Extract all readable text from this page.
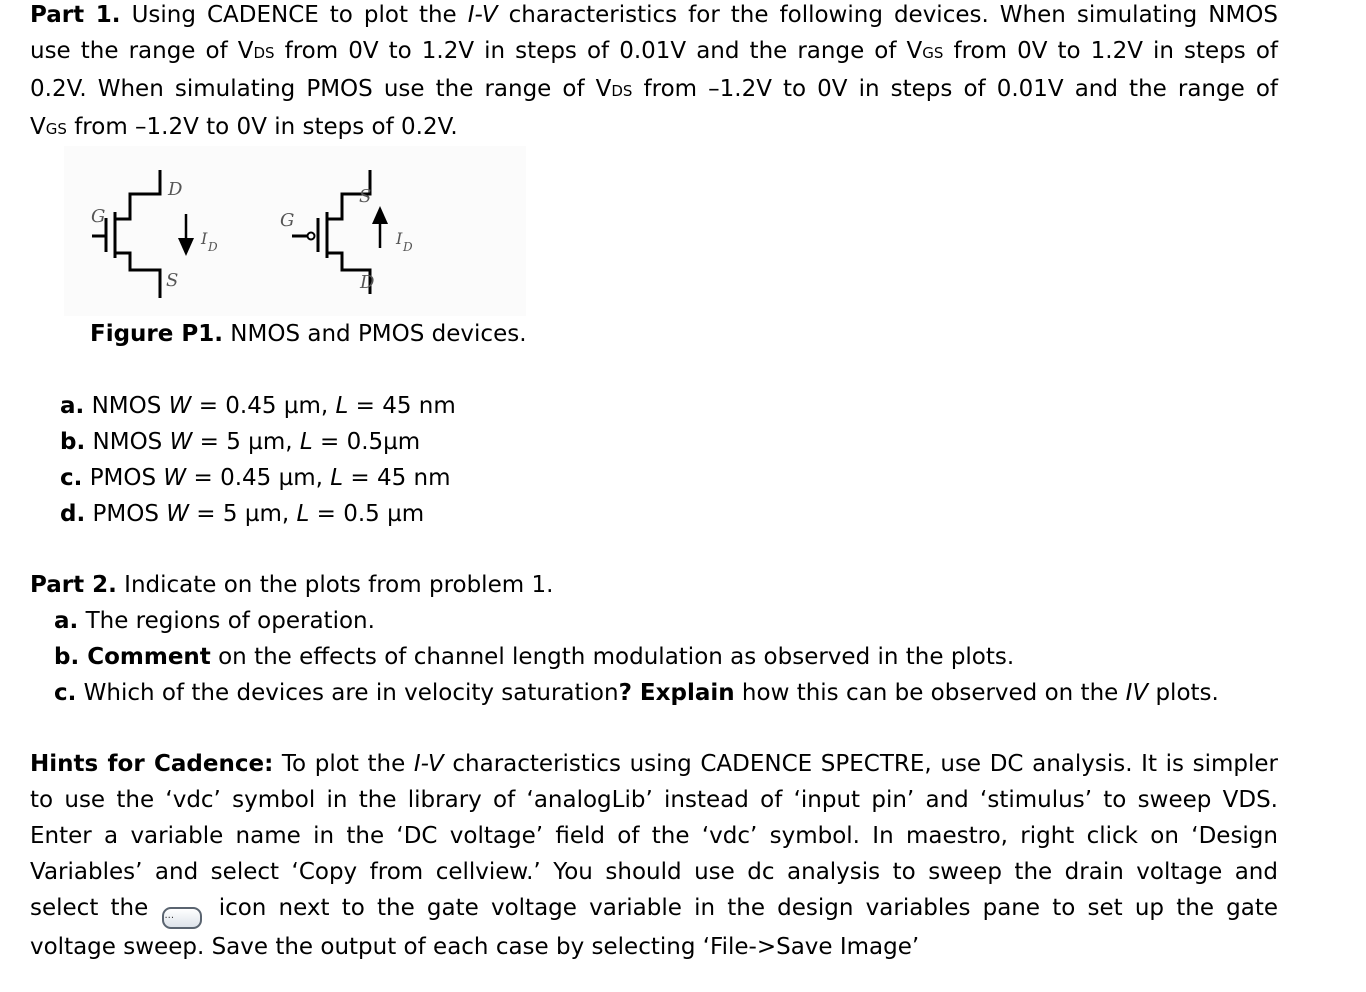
Part 1. Using CADENCE to plot the I-V characteristics for the following devices. When simulating NMOS
use the range of VDS from 0V to 1.2V in steps of 0.01V and the range of VGS from 0V to 1.2V in steps of
0.2V. When simulating PMOS use the range of VDS from –1.2V to 0V in steps of 0.01V and the range of
VGS from –1.2V to 0V in steps of 0.2V.
G
D
S
I D
G
S
D
I D
Figure P1. NMOS and PMOS devices.
a. NMOS W = 0.45 µm, L = 45 nm
b. NMOS W = 5 µm, L = 0.5µm
c. PMOS W = 0.45 µm, L = 45 nm
d. PMOS W = 5 µm, L = 0.5 µm
Part 2. Indicate on the plots from problem 1.
a. The regions of operation.
b. Comment on the effects of channel length modulation as observed in the plots.
c. Which of the devices are in velocity saturation? Explain how this can be observed on the IV plots.
Hints for Cadence: To plot the I-V characteristics using CADENCE SPECTRE, use DC analysis. It is simpler
to use the ‘vdc’ symbol in the library of ‘analogLib’ instead of ‘input pin’ and ‘stimulus’ to sweep VDS.
Enter a variable name in the ‘DC voltage’ field of the ‘vdc’ symbol. In maestro, right click on ‘Design
Variables’ and select ‘Copy from cellview.’ You should use dc analysis to sweep the drain voltage and
select the ... icon next to the gate voltage variable in the design variables pane to set up the gate
voltage sweep. Save the output of each case by selecting ‘File->Save Image’
